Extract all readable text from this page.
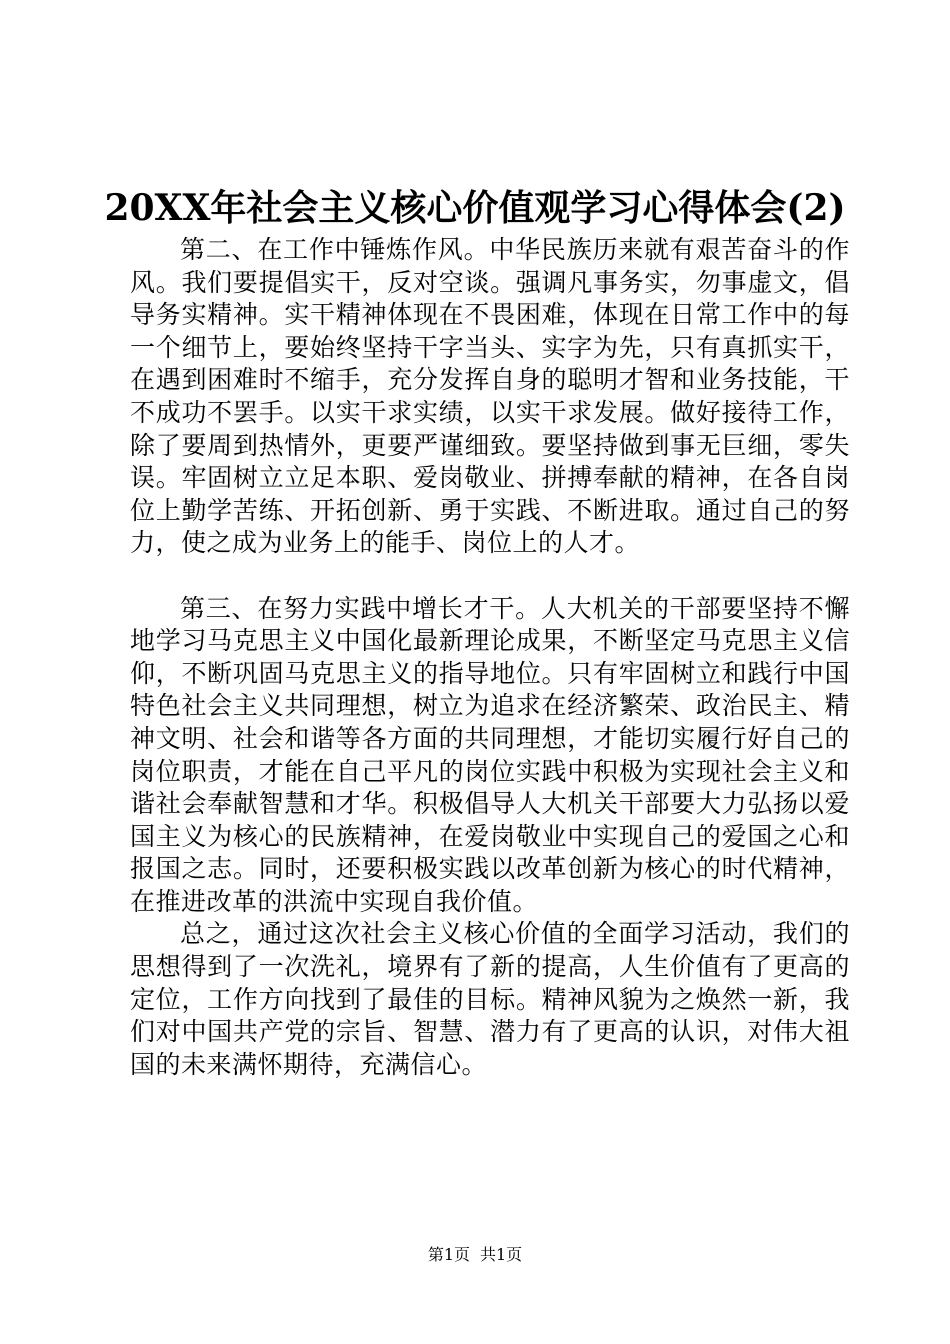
20XX年社会主义核心价值观学习心得体会(2)

第二、在工作中锤炼作风。中华民族历来就有艰苦奋斗的作风。我们要提倡实干，反对空谈。强调凡事务实，勿事虚文，倡导务实精神。实干精神体现在不畏困难，体现在日常工作中的每一个细节上，要始终坚持干字当头、实字为先，只有真抓实干，在遇到困难时不缩手，充分发挥自身的聪明才智和业务技能，干不成功不罢手。以实干求实绩，以实干求发展。做好接待工作，除了要周到热情外，更要严谨细致。要坚持做到事无巨细，零失误。牢固树立立足本职、爱岗敬业、拼搏奉献的精神，在各自岗位上勤学苦练、开拓创新、勇于实践、不断进取。通过自己的努力，使之成为业务上的能手、岗位上的人才。

第三、在努力实践中增长才干。人大机关的干部要坚持不懈地学习马克思主义中国化最新理论成果，不断坚定马克思主义信仰，不断巩固马克思主义的指导地位。只有牢固树立和践行中国特色社会主义共同理想，树立为追求在经济繁荣、政治民主、精神文明、社会和谐等各方面的共同理想，才能切实履行好自己的岗位职责，才能在自己平凡的岗位实践中积极为实现社会主义和谐社会奉献智慧和才华。积极倡导人大机关干部要大力弘扬以爱国主义为核心的民族精神，在爱岗敬业中实现自己的爱国之心和报国之志。同时，还要积极实践以改革创新为核心的时代精神，在推进改革的洪流中实现自我价值。

总之，通过这次社会主义核心价值的全面学习活动，我们的思想得到了一次洗礼，境界有了新的提高，人生价值有了更高的定位，工作方向找到了最佳的目标。精神风貌为之焕然一新，我们对中国共产党的宗旨、智慧、潜力有了更高的认识，对伟大祖国的未来满怀期待，充满信心。

第1页 共1页
